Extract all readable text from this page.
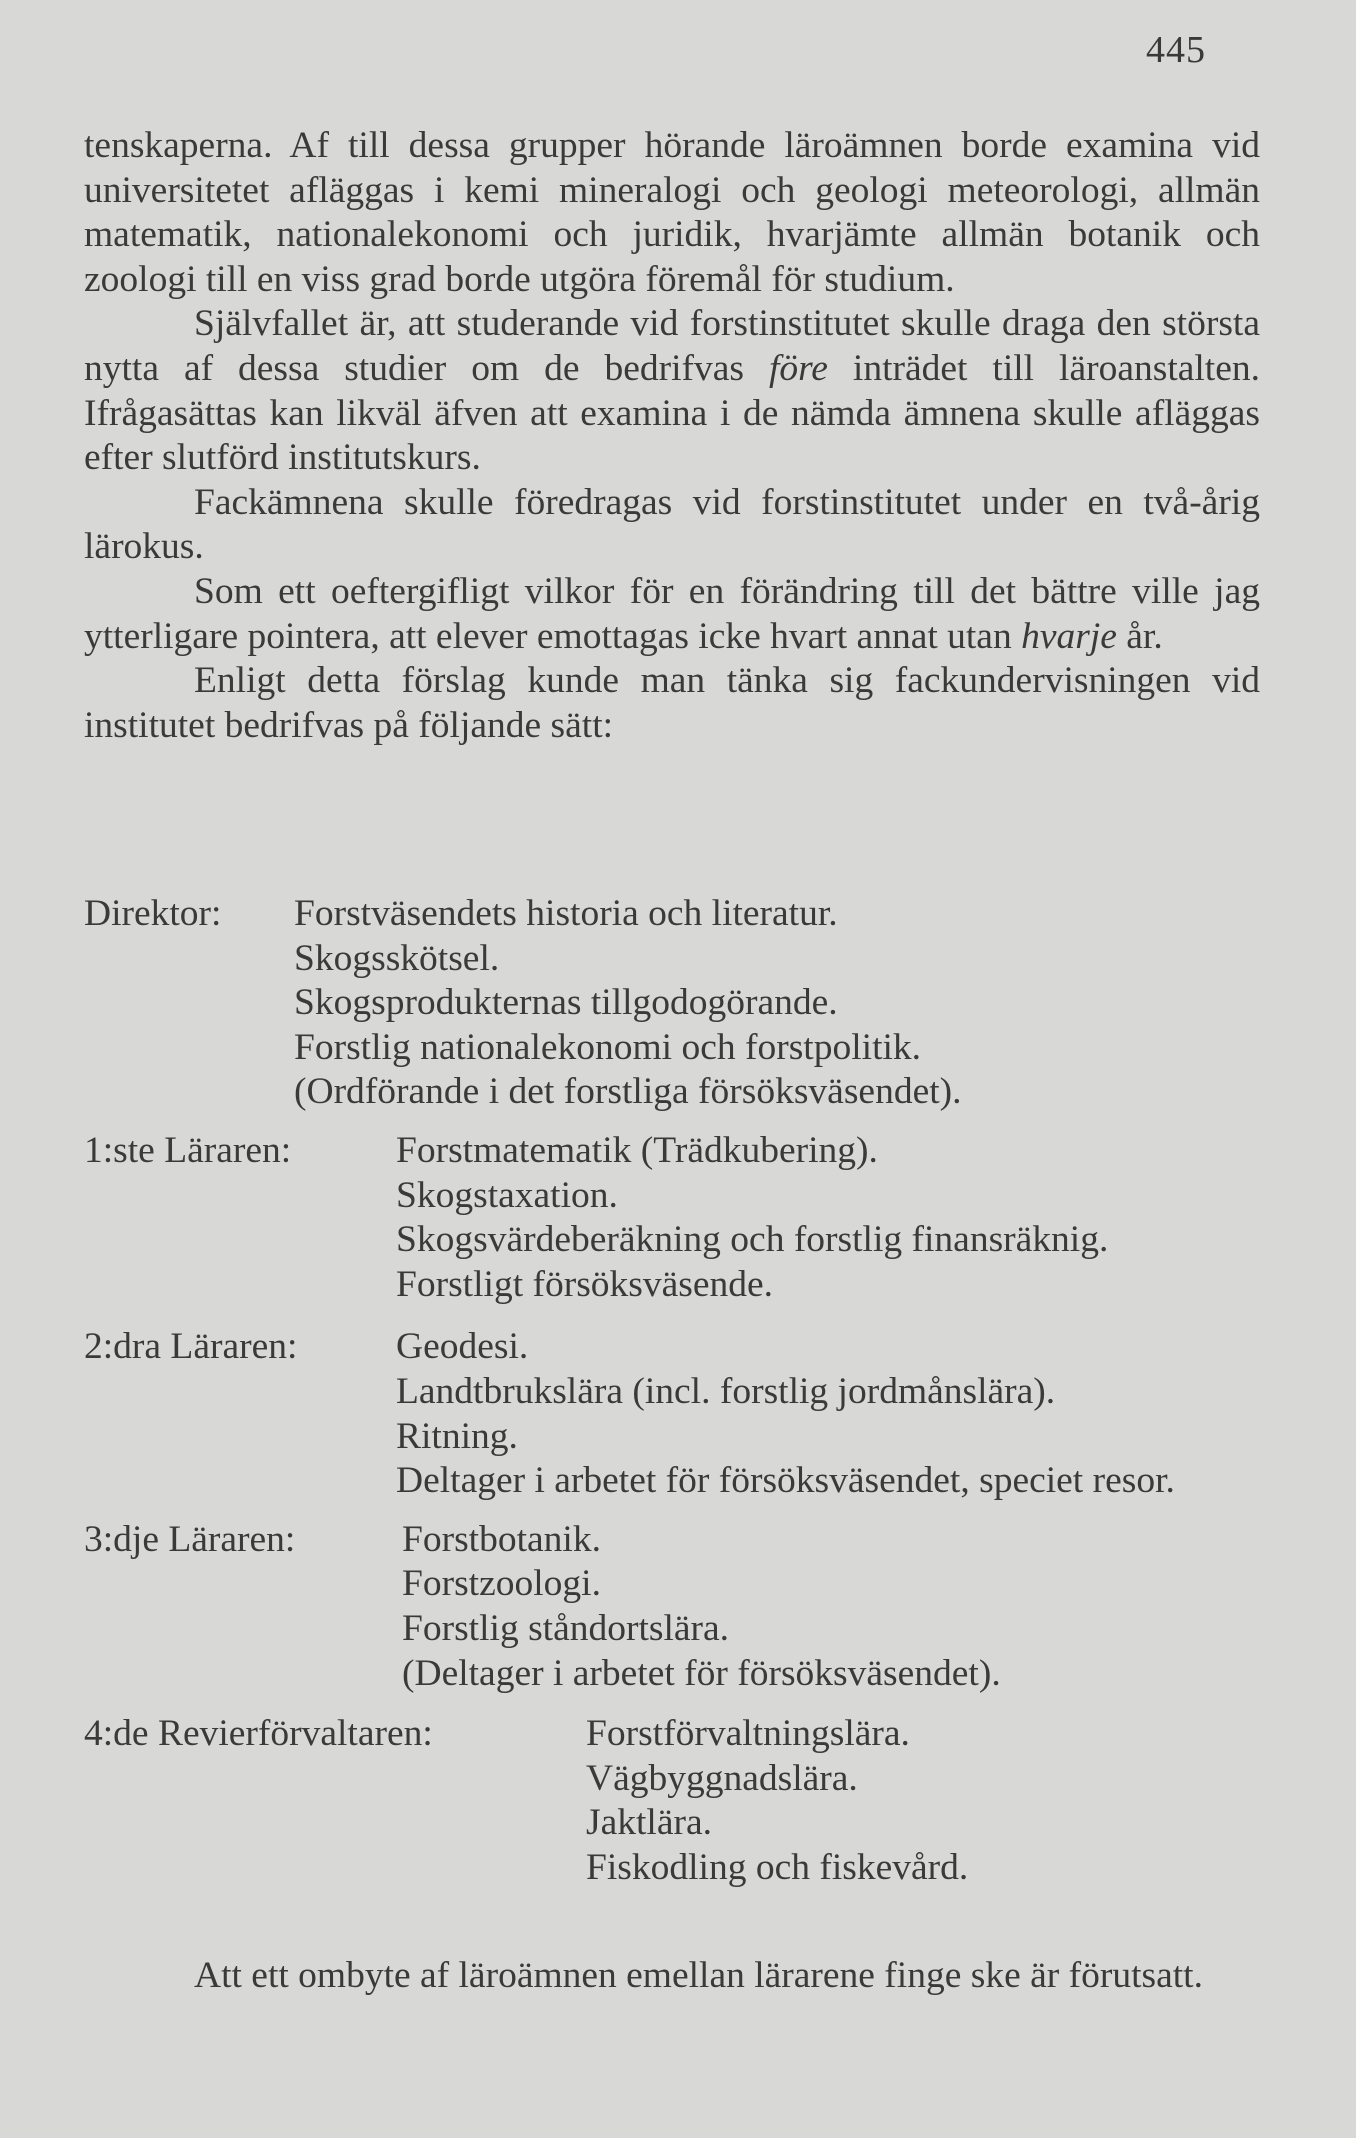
445

tenskaperna. Af till dessa grupper hörande läroämnen borde examina vid universitetet afläggas i kemi mineralogi och geologi meteorologi, allmän matematik, nationalekonomi och juridik, hvarjämte allmän botanik och zoologi till en viss grad borde utgöra föremål för studium.

Självfallet är, att studerande vid forstinstitutet skulle draga den största nytta af dessa studier om de bedrifvas före inträdet till läroanstalten. Ifrågasättas kan likväl äfven att examina i de nämda ämnena skulle afläggas efter slutförd institutskurs.

Fackämnena skulle föredragas vid forstinstitutet under en två-årig lärokus.

Som ett oeftergifligt vilkor för en förändring till det bättre ville jag ytterligare pointera, att elever emottagas icke hvart annat utan hvarje år.

Enligt detta förslag kunde man tänka sig fackundervisningen vid institutet bedrifvas på följande sätt:

Direktor: Forstväsendets historia och literatur.
Skogsskötsel.
Skogsprodukternas tillgodogörande.
Forstlig nationalekonomi och forstpolitik.
(Ordförande i det forstliga försöksväsendet).
1:ste Läraren:	Forstmatematik (Trädkubering).
Skogstaxation.
Skogsvärdeberäkning och forstlig finansräknig.
Forstligt försöksväsende.
2:dra Läraren:	Geodesi.
Landtbrukslära (incl. forstlig jordmånslära).
Ritning.
Deltager i arbetet för försöksväsendet, speciet resor.
3:dje Läraren:	Forstbotanik.
Forstzoologi.
Forstlig ståndortslära.
(Deltager i arbetet för försöksväsendet).
4:de Revierförvaltaren:	Forstförvaltningslära.
Vägbyggnadslära.
Jaktlära.
Fiskodling och fiskevård.

Att ett ombyte af läroämnen emellan lärarene finge ske är förutsatt.
